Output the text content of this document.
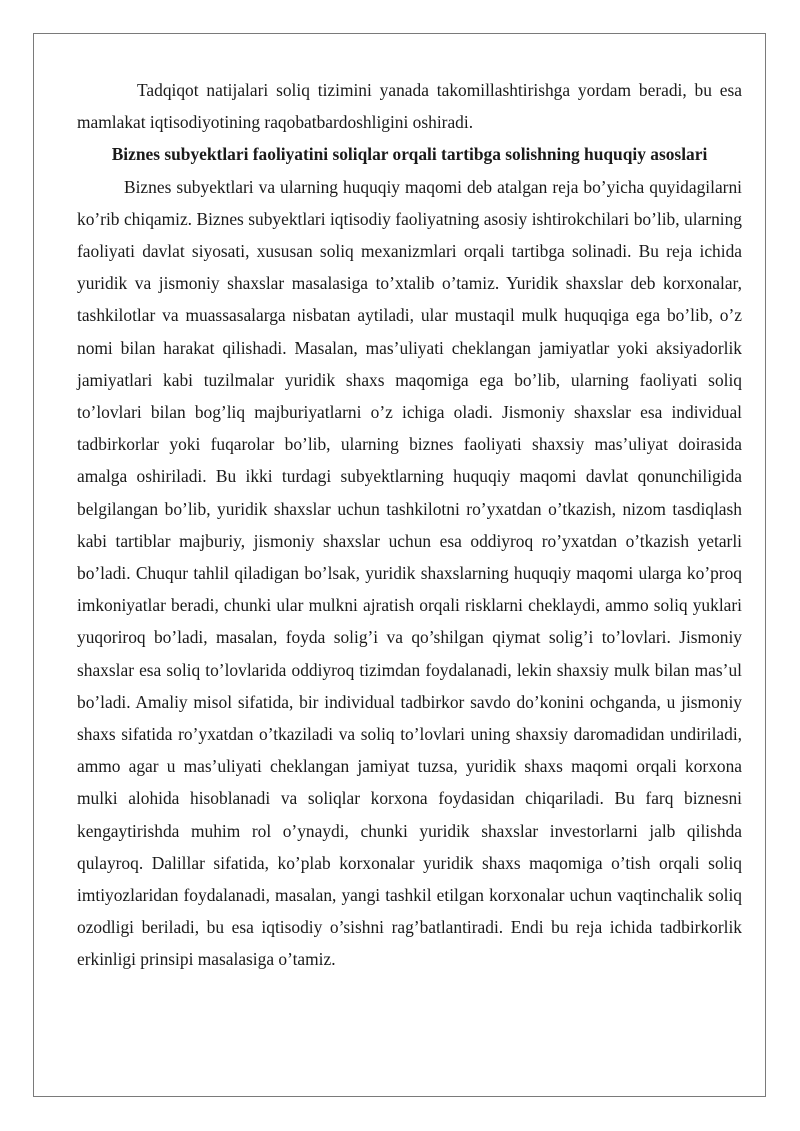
Tadqiqot natijalari soliq tizimini yanada takomillashtirishga yordam beradi, bu esa mamlakat iqtisodiyotining raqobatbardoshligini oshiradi.

Biznes subyektlari faoliyatini soliqlar orqali tartibga solishning huquqiy asoslari

Biznes subyektlari va ularning huquqiy maqomi deb atalgan reja bo’yicha quyidagilarni ko’rib chiqamiz. Biznes subyektlari iqtisodiy faoliyatning asosiy ishtirokchilari bo’lib, ularning faoliyati davlat siyosati, xususan soliq mexanizmlari orqali tartibga solinadi. Bu reja ichida yuridik va jismoniy shaxslar masalasiga to’xtalib o’tamiz. Yuridik shaxslar deb korxonalar, tashkilotlar va muassasalarga nisbatan aytiladi, ular mustaqil mulk huquqiga ega bo’lib, o’z nomi bilan harakat qilishadi. Masalan, mas’uliyati cheklangan jamiyatlar yoki aksiyadorlik jamiyatlari kabi tuzilmalar yuridik shaxs maqomiga ega bo’lib, ularning faoliyati soliq to’lovlari bilan bog’liq majburiyatlarni o’z ichiga oladi. Jismoniy shaxslar esa individual tadbirkorlar yoki fuqarolar bo’lib, ularning biznes faoliyati shaxsiy mas’uliyat doirasida amalga oshiriladi. Bu ikki turdagi subyektlarning huquqiy maqomi davlat qonunchiligida belgilangan bo’lib, yuridik shaxslar uchun tashkilotni ro’yxatdan o’tkazish, nizom tasdiqlash kabi tartiblar majburiy, jismoniy shaxslar uchun esa oddiyroq ro’yxatdan o’tkazish yetarli bo’ladi. Chuqur tahlil qiladigan bo’lsak, yuridik shaxslarning huquqiy maqomi ularga ko’proq imkoniyatlar beradi, chunki ular mulkni ajratish orqali risklarni cheklaydi, ammo soliq yuklari yuqoriroq bo’ladi, masalan, foyda solig’i va qo’shilgan qiymat solig’i to’lovlari. Jismoniy shaxslar esa soliq to’lovlarida oddiyroq tizimdan foydalanadi, lekin shaxsiy mulk bilan mas’ul bo’ladi. Amaliy misol sifatida, bir individual tadbirkor savdo do’konini ochganda, u jismoniy shaxs sifatida ro’yxatdan o’tkaziladi va soliq to’lovlari uning shaxsiy daromadidan undiriladi, ammo agar u mas’uliyati cheklangan jamiyat tuzsa, yuridik shaxs maqomi orqali korxona mulki alohida hisoblanadi va soliqlar korxona foydasidan chiqariladi. Bu farq biznesni kengaytirishda muhim rol o’ynaydi, chunki yuridik shaxslar investorlarni jalb qilishda qulayroq. Dalillar sifatida, ko’plab korxonalar yuridik shaxs maqomiga o’tish orqali soliq imtiyozlaridan foydalanadi, masalan, yangi tashkil etilgan korxonalar uchun vaqtinchalik soliq ozodligi beriladi, bu esa iqtisodiy o’sishni rag’batlantiradi. Endi bu reja ichida tadbirkorlik erkinligi prinsipi masalasiga o’tamiz.
